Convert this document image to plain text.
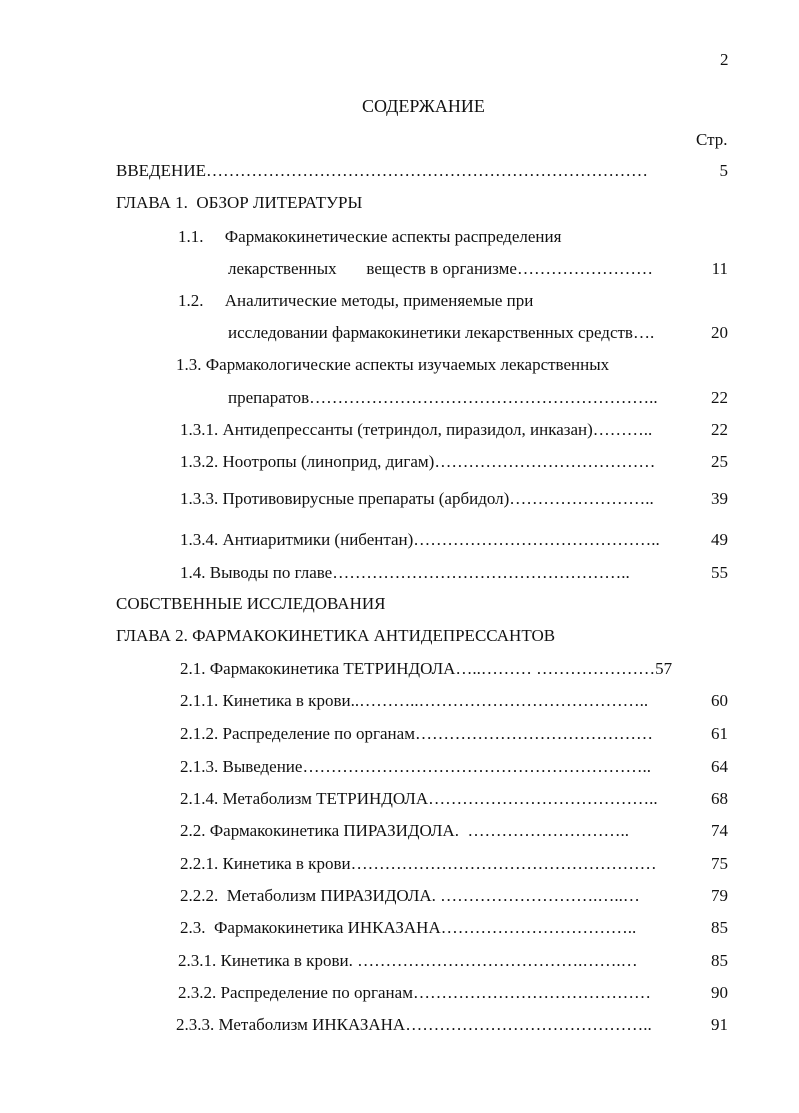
2
СОДЕРЖАНИЕ
Стр.
ВВЕДЕНИЕ……………………………………………………………………	5
ГЛАВА 1.  ОБЗОР ЛИТЕРАТУРЫ
1.1.     Фармакокинетические аспекты распределения
лекарственных       веществ в организме……………………	11
1.2.     Аналитические методы, применяемые при
исследовании фармакокинетики лекарственных средств….	20
1.3. Фармакологические аспекты изучаемых лекарственных
препаратов……………………………………………………..	22
1.3.1. Антидепрессанты (тетриндол, пиразидол, инказан)………..	22
1.3.2. Ноотропы (линоприд, дигам)…………………………………	25
1.3.3. Противовирусные препараты (арбидол)……………………..	39
1.3.4. Антиаритмики (нибентан)……………………………………..	49
1.4. Выводы по главе……………………………………………..	55
СОБСТВЕННЫЕ ИССЛЕДОВАНИЯ
ГЛАВА 2. ФАРМАКОКИНЕТИКА АНТИДЕПРЕССАНТОВ
2.1. Фармакокинетика ТЕТРИНДОЛА…..……… …………………57
2.1.1. Кинетика в крови..………..…………………………………..	60
2.1.2. Распределение по органам……………………………………	61
2.1.3. Выведение……………………………………………………..	64
2.1.4. Метаболизм ТЕТРИНДОЛА…………………………………..	68
2.2. Фармакокинетика ПИРАЗИДОЛА.  ………………………..	74
2.2.1. Кинетика в крови………………………………………………	75
2.2.2.  Метаболизм ПИРАЗИДОЛА. ……………………….…..…	79
2.3.  Фармакокинетика ИНКАЗАНА……………………………..	85
2.3.1. Кинетика в крови. ………………………………….…….…	85
2.3.2. Распределение по органам……………………………………	90
2.3.3. Метаболизм ИНКАЗАНА……………………………………..	91
